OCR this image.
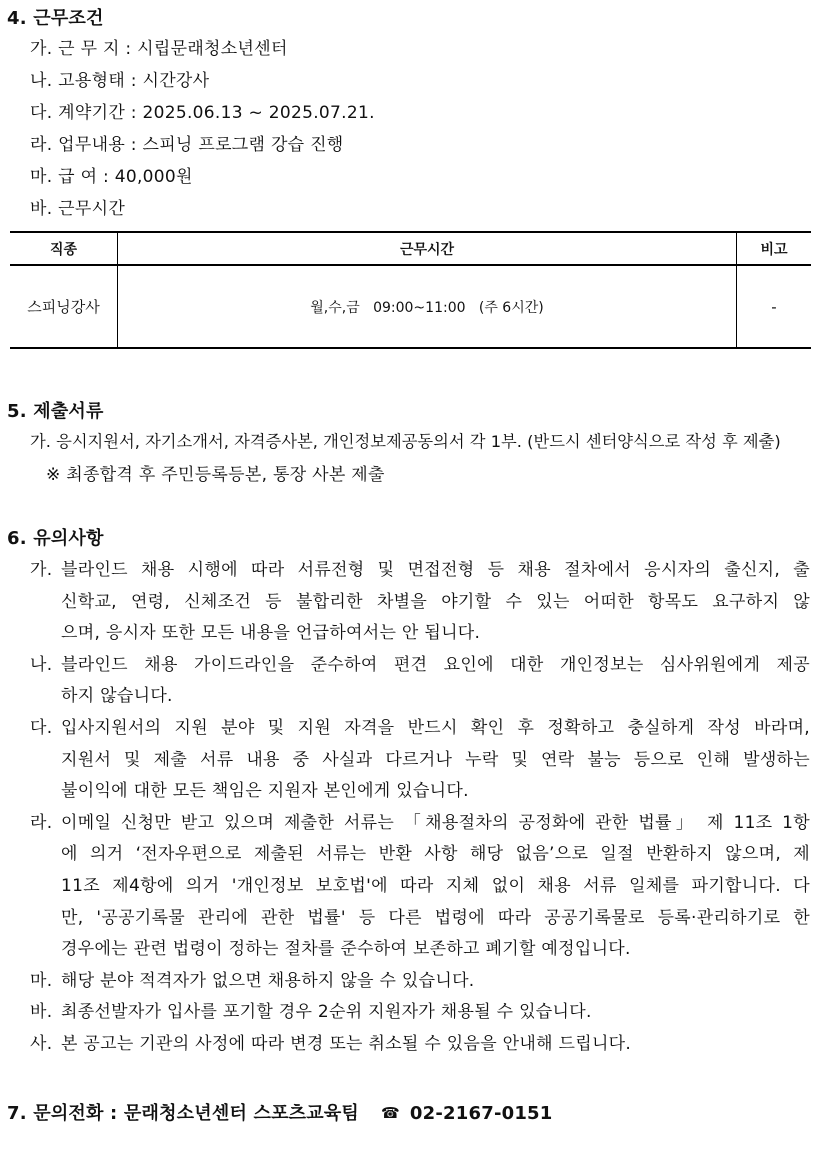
4. 근무조건
가. 근 무 지 : 시립문래청소년센터
나. 고용형태 : 시간강사
다. 계약기간 : 2025.06.13 ~ 2025.07.21.
라. 업무내용 : 스피닝 프로그램 강습 진행
마. 급 여 : 40,000원
바. 근무시간
직종	근무시간	비고
스피닝강사	월,수,금   09:00~11:00   (주 6시간)	-
5. 제출서류
가. 응시지원서, 자기소개서, 자격증사본, 개인정보제공동의서 각 1부. (반드시 센터양식으로 작성 후 제출)
※ 최종합격 후 주민등록등본, 통장 사본 제출
6. 유의사항
가. 블라인드 채용 시행에 따라 서류전형 및 면접전형 등 채용 절차에서 응시자의 출신지, 출
신학교, 연령, 신체조건 등 불합리한 차별을 야기할 수 있는 어떠한 항목도 요구하지 않
으며, 응시자 또한 모든 내용을 언급하여서는 안 됩니다.
나. 블라인드 채용 가이드라인을 준수하여 편견 요인에 대한 개인정보는 심사위원에게 제공
하지 않습니다.
다. 입사지원서의 지원 분야 및 지원 자격을 반드시 확인 후 정확하고 충실하게 작성 바라며,
지원서 및 제출 서류 내용 중 사실과 다르거나 누락 및 연락 불능 등으로 인해 발생하는
불이익에 대한 모든 책임은 지원자 본인에게 있습니다.
라. 이메일 신청만 받고 있으며 제출한 서류는 「채용절차의 공정화에 관한 법률」 제 11조 1항
에 의거 ‘전자우편으로 제출된 서류는 반환 사항 해당 없음’으로 일절 반환하지 않으며, 제
11조 제4항에 의거 '개인정보 보호법'에 따라 지체 없이 채용 서류 일체를 파기합니다. 다
만, '공공기록물 관리에 관한 법률' 등 다른 법령에 따라 공공기록물로 등록·관리하기로 한
경우에는 관련 법령이 정하는 절차를 준수하여 보존하고 폐기할 예정입니다.
마. 해당 분야 적격자가 없으면 채용하지 않을 수 있습니다.
바. 최종선발자가 입사를 포기할 경우 2순위 지원자가 채용될 수 있습니다.
사. 본 공고는 기관의 사정에 따라 변경 또는 취소될 수 있음을 안내해 드립니다.
7. 문의전화 : 문래청소년센터 스포츠교육팀 ☎ 02-2167-0151
